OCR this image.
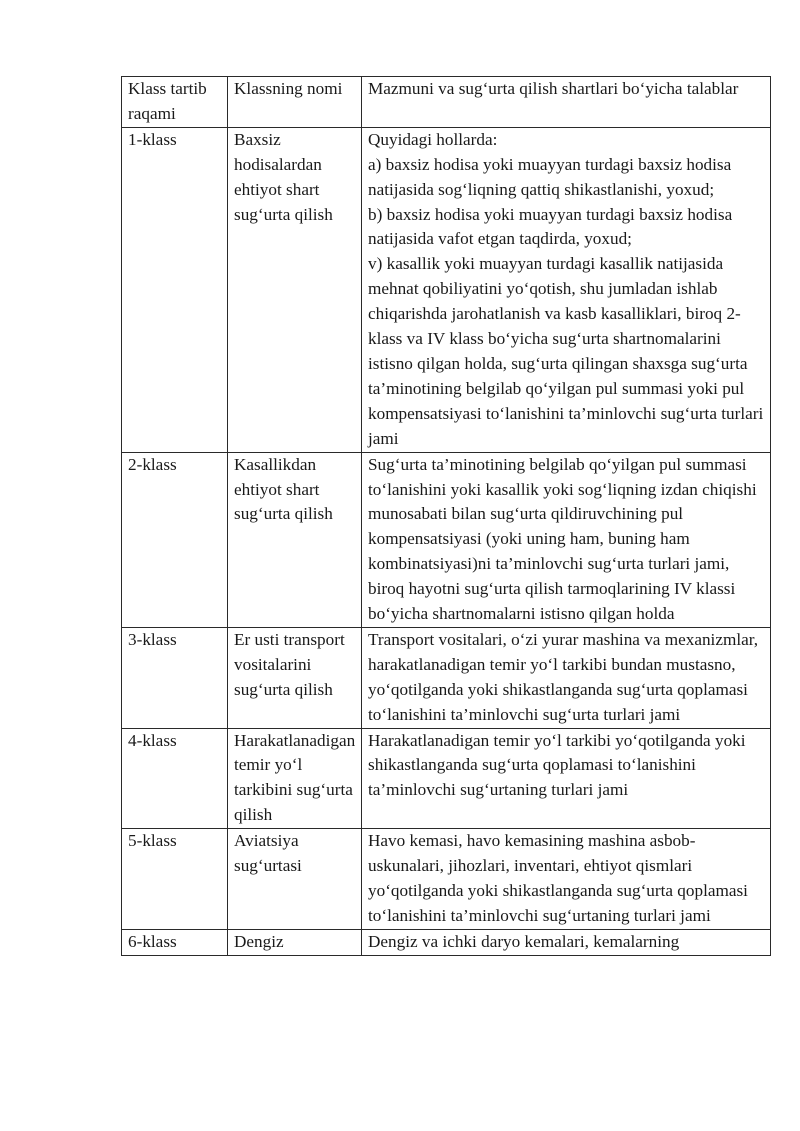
Klass tartib raqami	Klassning nomi	Mazmuni va sug‘urta qilish shartlari bo‘yicha talablar
1-klass	Baxsiz hodisalardan ehtiyot shart sug‘urta qilish	Quyidagi hollarda:
a) baxsiz hodisa yoki muayyan turdagi baxsiz hodisa natijasida sog‘liqning qattiq shikastlanishi, yoxud;
b) baxsiz hodisa yoki muayyan turdagi baxsiz hodisa natijasida vafot etgan taqdirda, yoxud;
v) kasallik yoki muayyan turdagi kasallik natijasida mehnat qobiliyatini yo‘qotish, shu jumladan ishlab chiqarishda jarohatlanish va kasb kasalliklari, biroq 2-klass va IV klass bo‘yicha sug‘urta shartnomalarini istisno qilgan holda, sug‘urta qilingan shaxsga sug‘urta ta’minotining belgilab qo‘yilgan pul summasi yoki pul kompensatsiyasi to‘lanishini ta’minlovchi sug‘urta turlari jami

2-klass	Kasallikdan ehtiyot shart sug‘urta qilish	Sug‘urta ta’minotining belgilab qo‘yilgan pul summasi to‘lanishini yoki kasallik yoki sog‘liqning izdan chiqishi munosabati bilan sug‘urta qildiruvchining pul kompensatsiyasi (yoki uning ham, buning ham kombinatsiyasi)ni ta’minlovchi sug‘urta turlari jami, biroq hayotni sug‘urta qilish tarmoqlarining IV klassi bo‘yicha shartnomalarni istisno qilgan holda

3-klass	Er usti transport vositalarini sug‘urta qilish	Transport vositalari, o‘zi yurar mashina va mexanizmlar, harakatlanadigan temir yo‘l tarkibi bundan mustasno, yo‘qotilganda yoki shikastlanganda sug‘urta qoplamasi to‘lanishini ta’minlovchi sug‘urta turlari jami

4-klass	Harakatlanadigan temir yo‘l tarkibini sug‘urta qilish	Harakatlanadigan temir yo‘l tarkibi yo‘qotilganda yoki shikastlanganda sug‘urta qoplamasi to‘lanishini ta’minlovchi sug‘urtaning turlari jami

5-klass	Aviatsiya sug‘urtasi	Havo kemasi, havo kemasining mashina asbob-uskunalari, jihozlari, inventari, ehtiyot qismlari yo‘qotilganda yoki shikastlanganda sug‘urta qoplamasi to‘lanishini ta’minlovchi sug‘urtaning turlari jami

6-klass	Dengiz	Dengiz va ichki daryo kemalari, kemalarning
